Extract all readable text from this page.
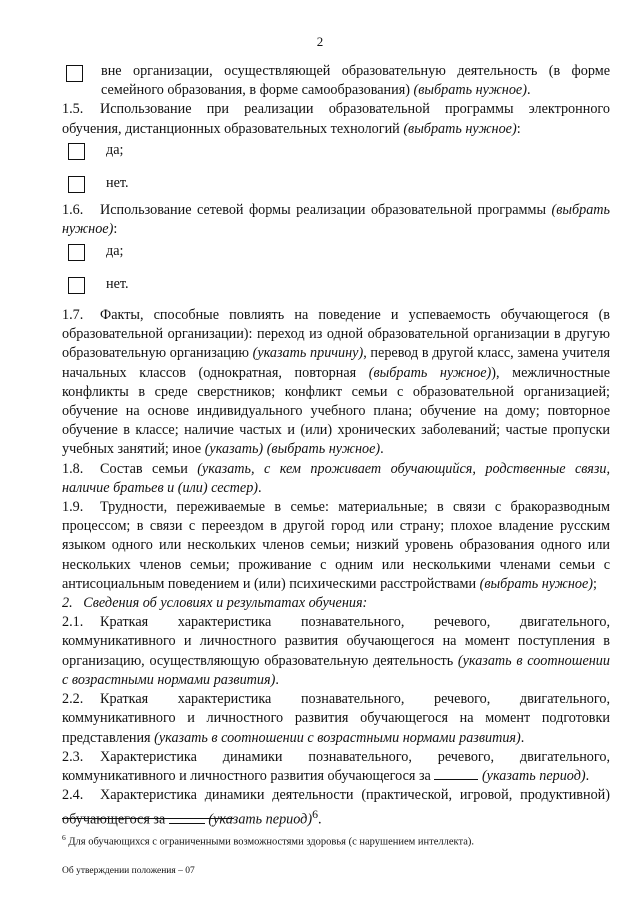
2
вне организации, осуществляющей образовательную деятельность (в форме семейного образования, в форме самообразования) (выбрать нужное).

1.5. Использование при реализации образовательной программы электронного обучения, дистанционных образовательных технологий (выбрать нужное):

да;
нет.

1.6. Использование сетевой формы реализации образовательной программы (выбрать нужное):

да;
нет.

1.7. Факты, способные повлиять на поведение и успеваемость обучающегося (в образовательной организации): переход из одной образовательной организации в другую образовательную организацию (указать причину), перевод в другой класс, замена учителя начальных классов (однократная, повторная (выбрать нужное)), межличностные конфликты в среде сверстников; конфликт семьи с образовательной организацией; обучение на основе индивидуального учебного плана; обучение на дому; повторное обучение в классе; наличие частых и (или) хронических заболеваний; частые пропуски учебных занятий; иное (указать) (выбрать нужное).

1.8. Состав семьи (указать, с кем проживает обучающийся, родственные связи, наличие братьев и (или) сестер).

1.9. Трудности, переживаемые в семье: материальные; в связи с бракоразводным процессом; в связи с переездом в другой город или страну; плохое владение русским языком одного или нескольких членов семьи; низкий уровень образования одного или нескольких членов семьи; проживание с одним или несколькими членами семьи с антисоциальным поведением и (или) психическими расстройствами (выбрать нужное);

2.   Сведения об условиях и результатах обучения:

2.1. Краткая характеристика познавательного, речевого, двигательного, коммуникативного и личностного развития обучающегося на момент поступления в организацию, осуществляющую образовательную деятельность (указать в соотношении с возрастными нормами развития).

2.2. Краткая характеристика познавательного, речевого, двигательного, коммуникативного и личностного развития обучающегося на момент подготовки представления (указать в соотношении с возрастными нормами развития).

2.3. Характеристика динамики познавательного, речевого, двигательного, коммуникативного и личностного развития обучающегося за	(указать период).

2.4. Характеристика динамики деятельности (практической, игровой, продуктивной) обучающегося за	(указать период)$^6$.

$^6$ Для обучающихся с ограниченными возможностями здоровья (с нарушением интеллекта).
Об утверждении положения – 07
